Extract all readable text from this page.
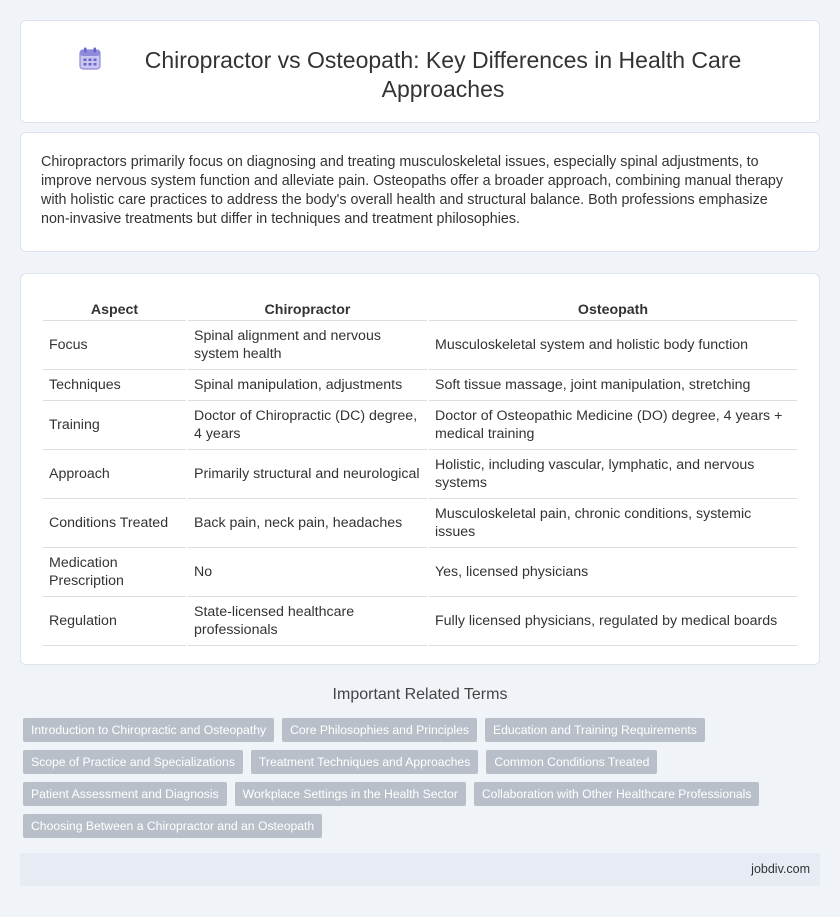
Chiropractor vs Osteopath: Key Differences in Health Care Approaches

Chiropractors primarily focus on diagnosing and treating musculoskeletal issues, especially spinal adjustments, to improve nervous system function and alleviate pain. Osteopaths offer a broader approach, combining manual therapy with holistic care practices to address the body's overall health and structural balance. Both professions emphasize non-invasive treatments but differ in techniques and treatment philosophies.

Aspect	Chiropractor	Osteopath
Focus	Spinal alignment and nervous system health	Musculoskeletal system and holistic body function
Techniques	Spinal manipulation, adjustments	Soft tissue massage, joint manipulation, stretching
Training	Doctor of Chiropractic (DC) degree, 4 years	Doctor of Osteopathic Medicine (DO) degree, 4 years + medical training
Approach	Primarily structural and neurological	Holistic, including vascular, lymphatic, and nervous systems
Conditions Treated	Back pain, neck pain, headaches	Musculoskeletal pain, chronic conditions, systemic issues
Medication Prescription	No	Yes, licensed physicians
Regulation	State-licensed healthcare professionals	Fully licensed physicians, regulated by medical boards
Important Related Terms
Introduction to Chiropractic and Osteopathy	Core Philosophies and Principles	Education and Training Requirements
Scope of Practice and Specializations	Treatment Techniques and Approaches	Common Conditions Treated
Patient Assessment and Diagnosis	Workplace Settings in the Health Sector	Collaboration with Other Healthcare Professionals
Choosing Between a Chiropractor and an Osteopath
jobdiv.com
